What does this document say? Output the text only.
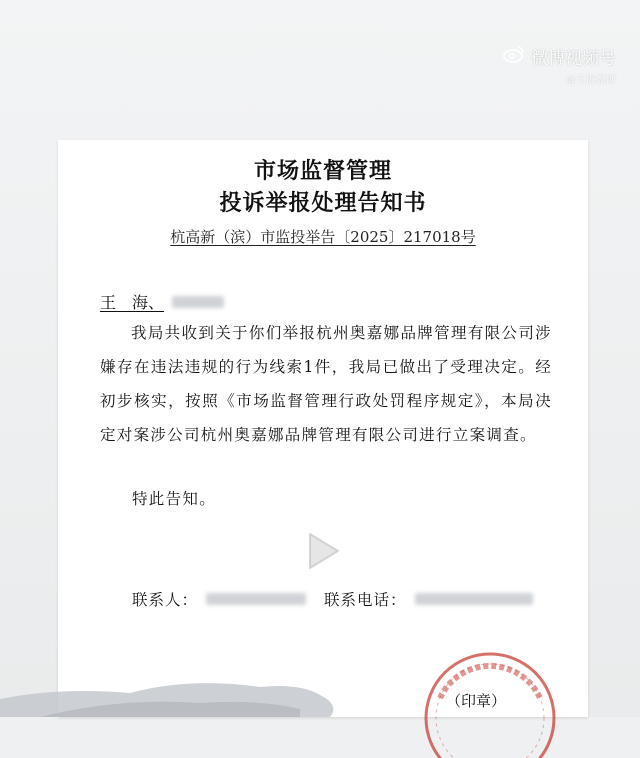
微博视频号
@王海微博
市场监督管理
投诉举报处理告知书
杭高新（滨）市监投举告〔2025〕217018号
王　海、

我局共收到关于你们举报杭州奥嘉娜品牌管理有限公司涉嫌存在违法违规的行为线索1件，我局已做出了受理决定。经初步核实，按照《市场监督管理行政处罚程序规定》，本局决定对案涉公司杭州奥嘉娜品牌管理有限公司进行立案调查。

特此告知。
联系人：	联系电话：
（印章）
